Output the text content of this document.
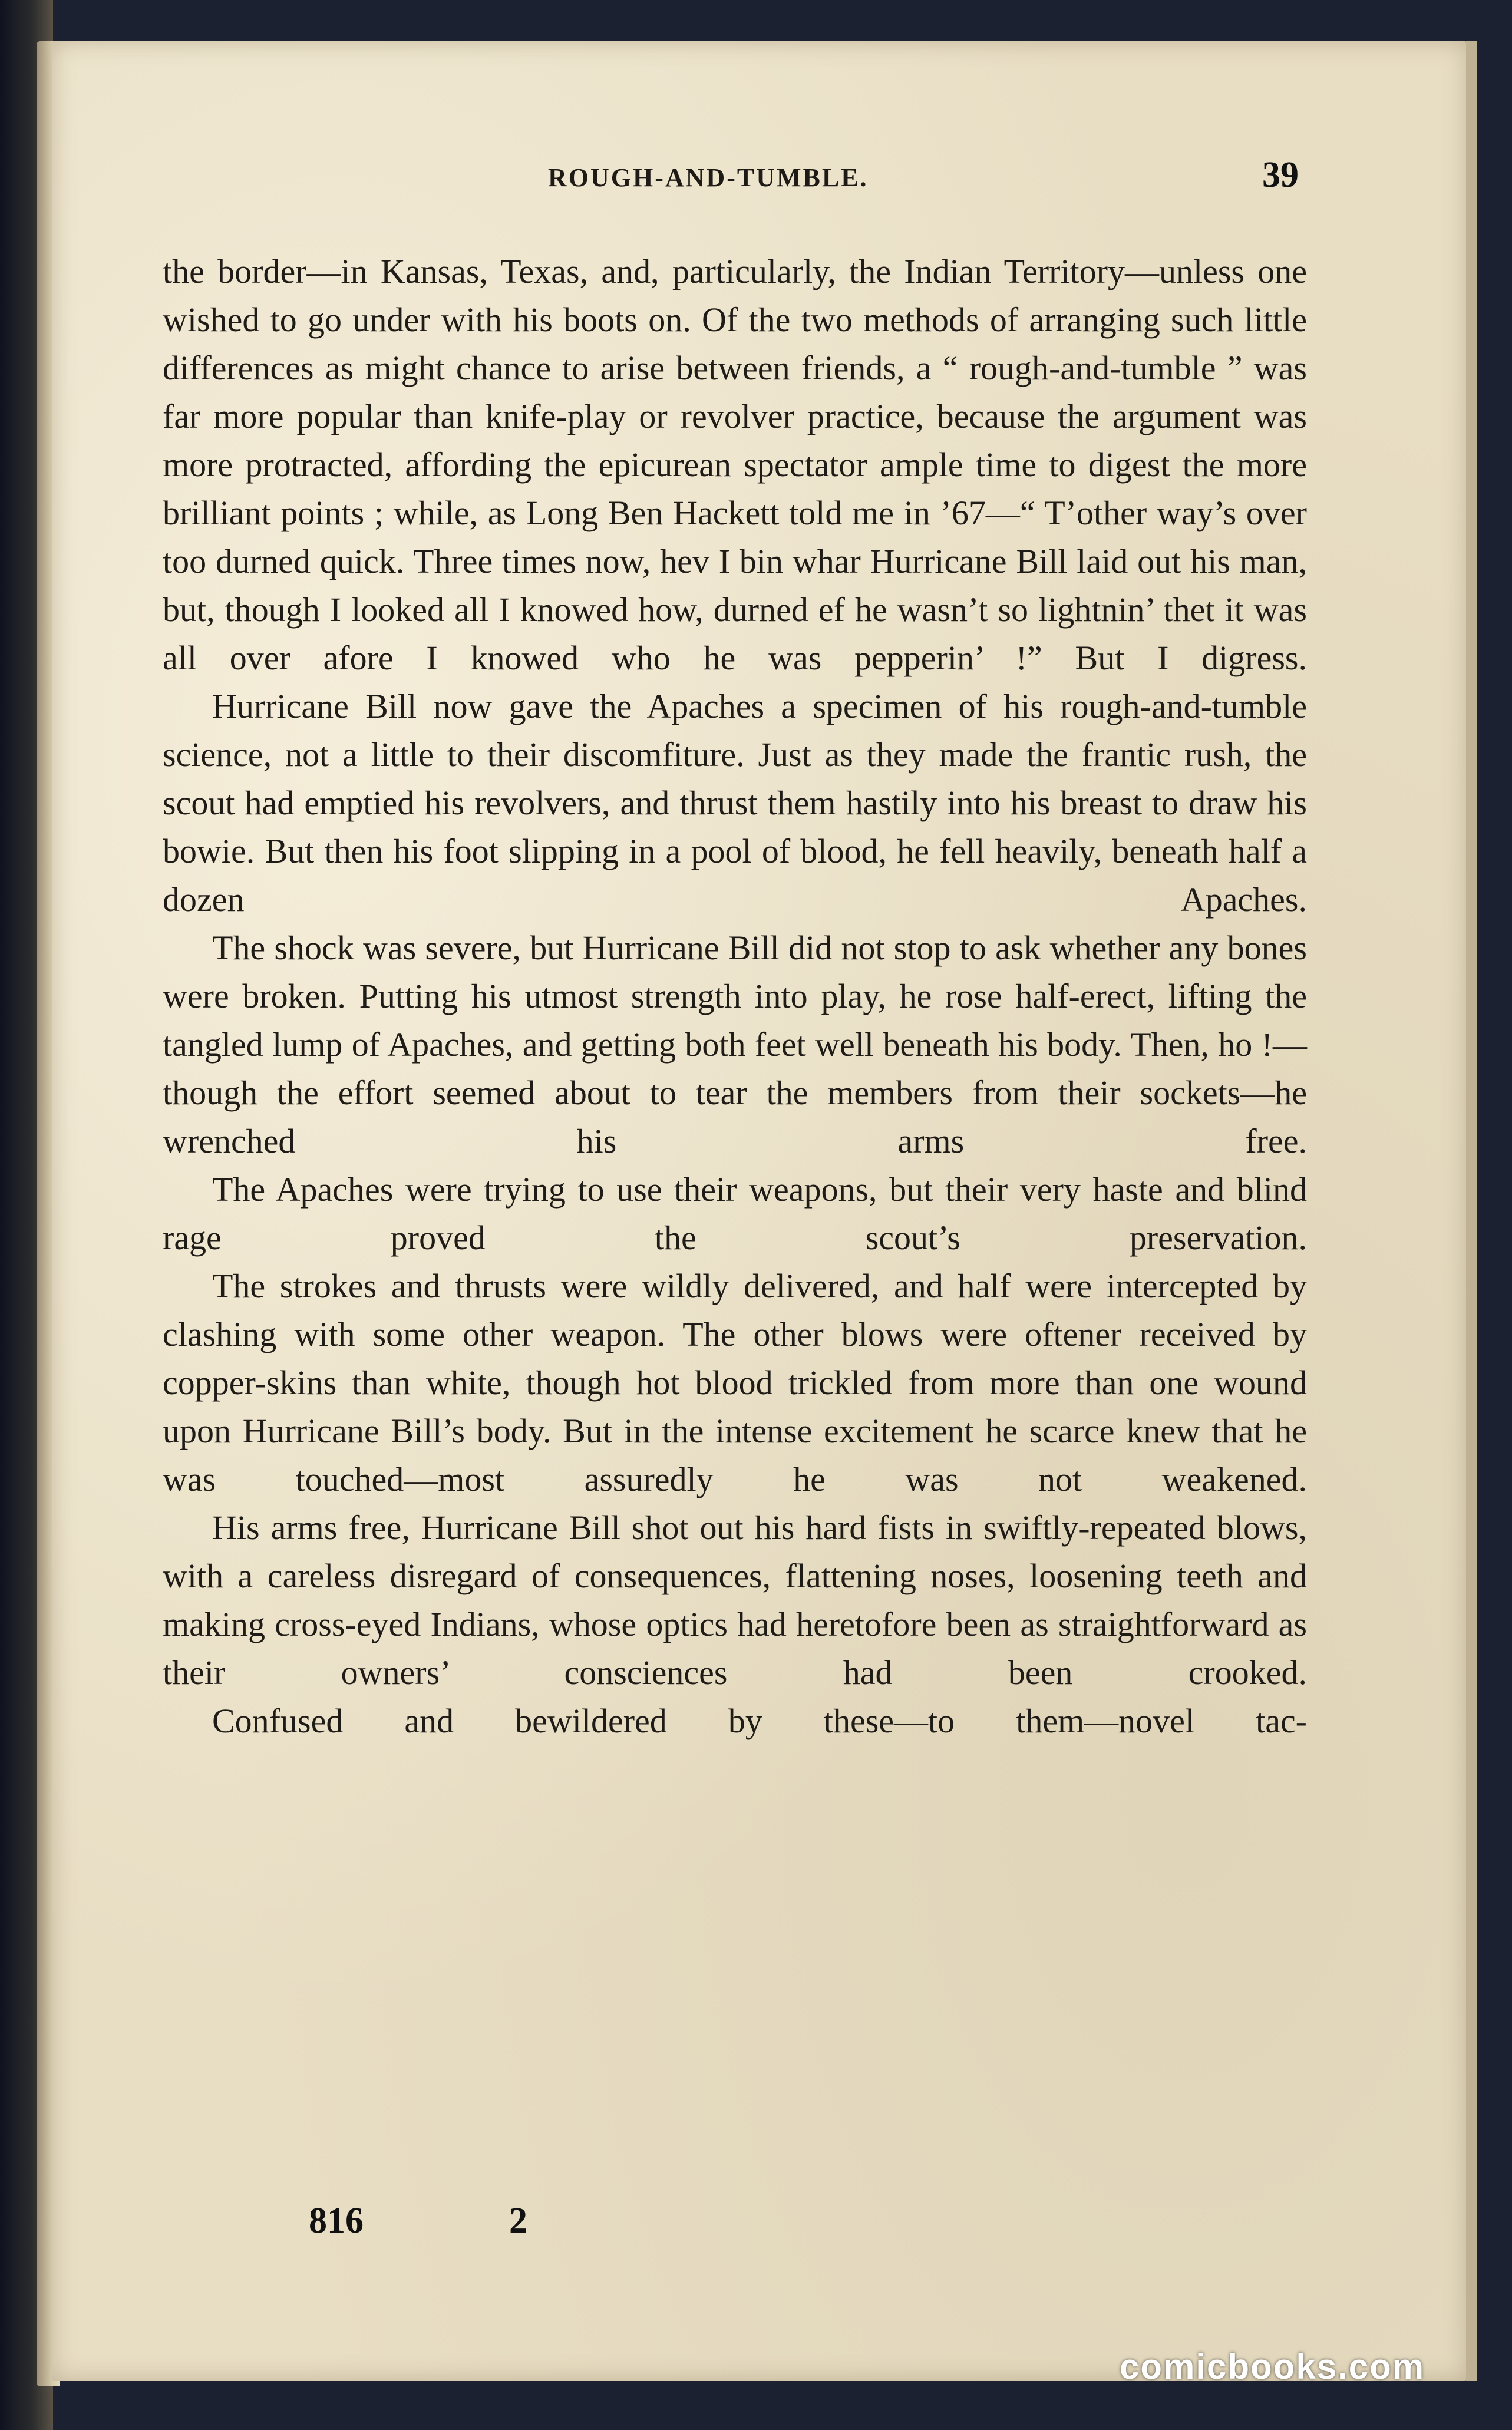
ROUGH-AND-TUMBLE.	39

the border—in Kansas, Texas, and, particularly, the Indian Territory—unless one wished to go under with his boots on. Of the two methods of arranging such little differences as might chance to arise between friends, a “ rough-and-tumble ” was far more popular than knife-play or revolver practice, because the argument was more protracted, affording the epicurean spectator ample time to digest the more brilliant points ; while, as Long Ben Hackett told me in ’67—“ T’other way’s over too durned quick. Three times now, hev I bin whar Hurricane Bill laid out his man, but, though I looked all I knowed how, durned ef he wasn’t so lightnin’ thet it was all over afore I knowed who he was pepperin’ !” But I digress.

Hurricane Bill now gave the Apaches a specimen of his rough-and-tumble science, not a little to their discomfiture. Just as they made the frantic rush, the scout had emptied his revolvers, and thrust them hastily into his breast to draw his bowie. But then his foot slipping in a pool of blood, he fell heavily, beneath half a dozen Apaches.

The shock was severe, but Hurricane Bill did not stop to ask whether any bones were broken. Putting his utmost strength into play, he rose half-erect, lifting the tangled lump of Apaches, and getting both feet well beneath his body. Then, ho !—though the effort seemed about to tear the members from their sockets—he wrenched his arms free.

The Apaches were trying to use their weapons, but their very haste and blind rage proved the scout’s preservation.

The strokes and thrusts were wildly delivered, and half were intercepted by clashing with some other weapon. The other blows were oftener received by copper-skins than white, though hot blood trickled from more than one wound upon Hurricane Bill’s body. But in the intense excitement he scarce knew that he was touched—most assuredly he was not weakened.

His arms free, Hurricane Bill shot out his hard fists in swiftly-repeated blows, with a careless disregard of consequences, flattening noses, loosening teeth and making cross-eyed Indians, whose optics had heretofore been as straightforward as their owners’ consciences had been crooked.

Confused and bewildered by these—to them—novel tac-

816	2
comicbooks.com
